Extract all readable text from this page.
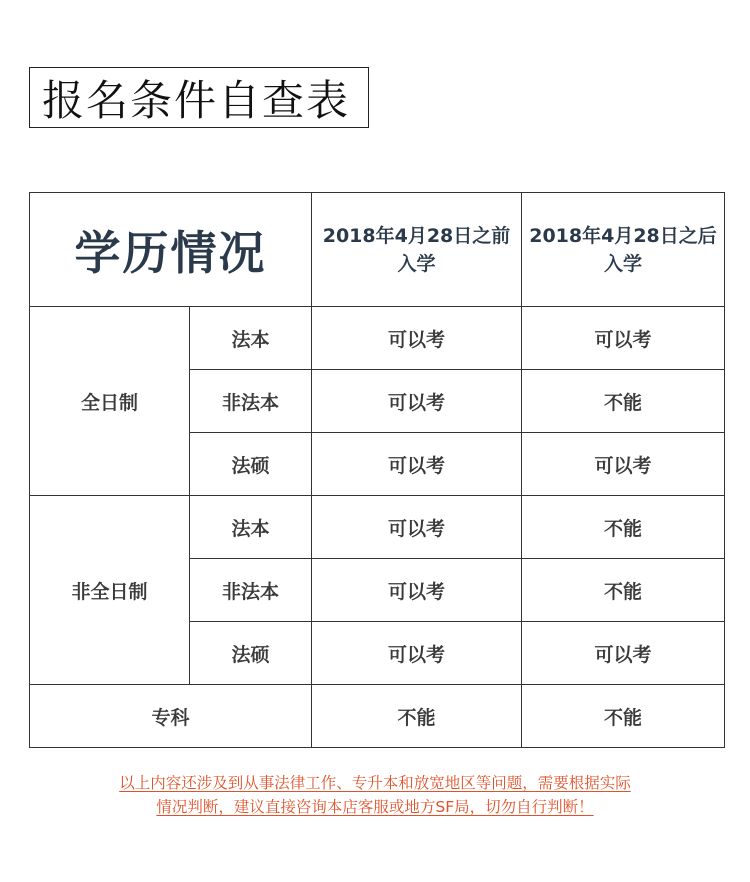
报名条件自查表
学历情况		2018年4月28日之前入学	2018年4月28日之后入学
全日制	法本	可以考	可以考
	非法本	可以考	不能
	法硕	可以考	可以考
非全日制	法本	可以考	不能
	非法本	可以考	不能
	法硕	可以考	可以考
专科		不能	不能
以上内容还涉及到从事法律工作、专升本和放宽地区等问题，需要根据实际
情况判断，建议直接咨询本店客服或地方SF局，切勿自行判断！
